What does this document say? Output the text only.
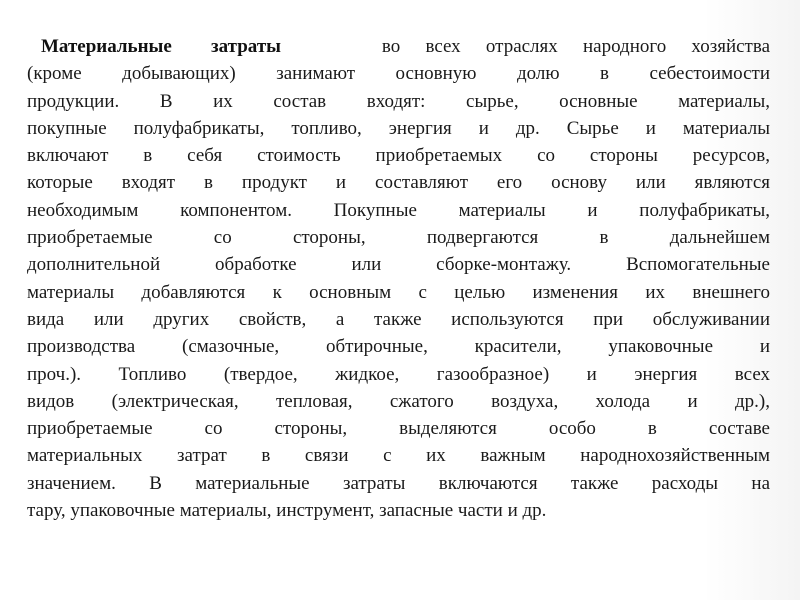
Материальные затраты	во всех отраслях народного хозяйства
(кроме добывающих) занимают основную долю в себестоимости
продукции. В их состав входят: сырье, основные материалы,
покупные полуфабрикаты, топливо, энергия и др. Сырье и материалы
включают в себя стоимость приобретаемых со стороны ресурсов,
которые входят в продукт и составляют его основу или являются
необходимым компонентом. Покупные материалы и полуфабрикаты,
приобретаемые со стороны, подвергаются в дальнейшем
дополнительной обработке или сборке-монтажу. Вспомогательные
материалы добавляются к основным с целью изменения их внешнего
вида или других свойств, а также используются при обслуживании
производства (смазочные, обтирочные, красители, упаковочные и
проч.). Топливо (твердое, жидкое, газообразное) и энергия всех
видов (электрическая, тепловая, сжатого воздуха, холода и др.),
приобретаемые со стороны, выделяются особо в составе
материальных затрат в связи с их важным народнохозяйственным
значением. В материальные затраты включаются также расходы на
тару, упаковочные материалы, инструмент, запасные части и др.
